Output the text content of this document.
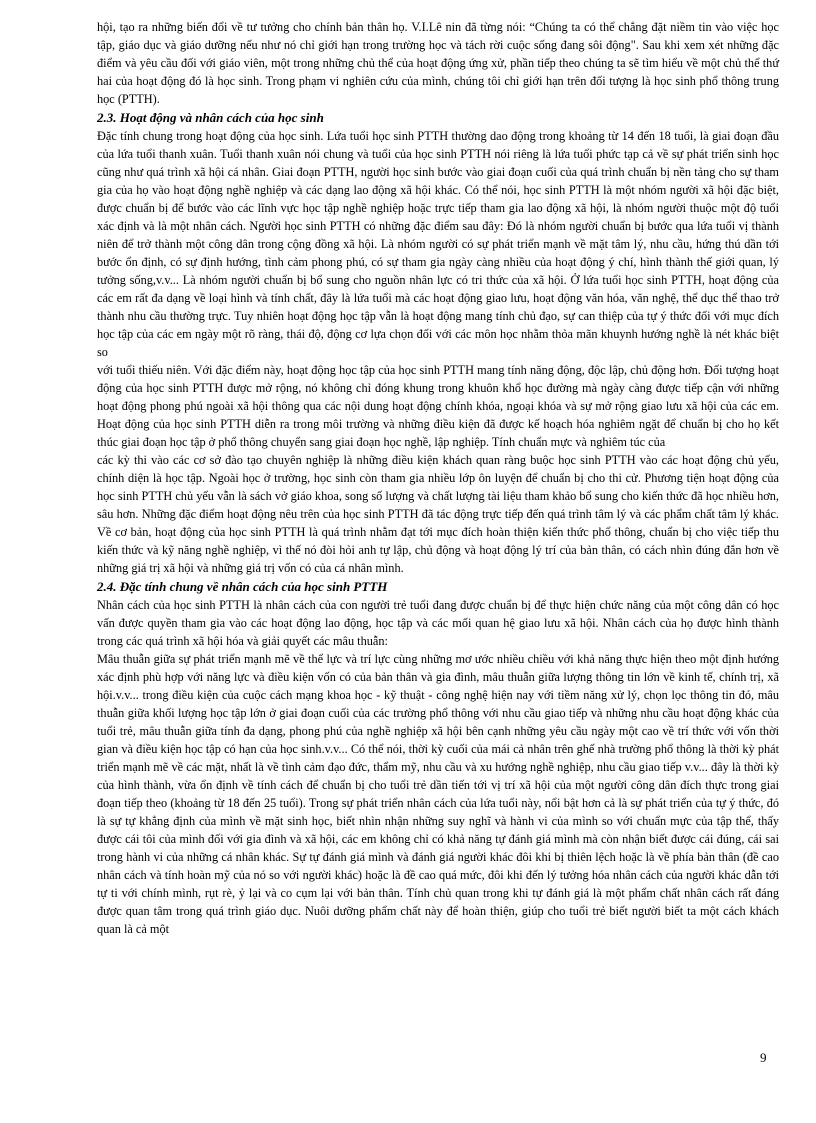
hội, tạo ra những biến đổi về tư tưởng cho chính bản thân họ. V.I.Lê nin đã từng nói: “Chúng ta có thể chẳng đặt niềm tin vào việc học tập, giáo dục và giáo dưỡng nếu như nó chỉ giới hạn trong trường học và tách rời cuộc sống đang sôi động". Sau khi xem xét những đặc điểm và yêu cầu đối với giáo viên, một trong những chủ thể của hoạt động ứng xử, phần tiếp theo chúng ta sẽ tìm hiểu về một chủ thể thứ hai của hoạt động đó là học sinh. Trong phạm vi nghiên cứu của mình, chúng tôi chỉ giới hạn trên đối tượng là học sinh phổ thông trung học (PTTH).

2.3. Hoạt động và nhân cách của học sinh

Đặc tính chung trong hoạt động của học sinh. Lứa tuổi học sinh PTTH thường dao động trong khoảng từ 14 đến 18 tuổi, là giai đoạn đầu của lứa tuổi thanh xuân. Tuổi thanh xuân nói chung và tuổi của học sinh PTTH nói riêng là lứa tuổi phức tạp cả về sự phát triển sinh học cũng như quá trình xã hội cá nhân. Giai đoạn PTTH, người học sinh bước vào giai đoạn cuối của quá trình chuẩn bị nền tảng cho sự tham gia của họ vào hoạt động nghề nghiệp và các dạng lao động xã hội khác. Có thể nói, học sinh PTTH là một nhóm người xã hội đặc biệt, được chuẩn bị để bước vào các lĩnh vực học tập nghề nghiệp hoặc trực tiếp tham gia lao động xã hội, là nhóm người thuộc một độ tuổi xác định và là một nhân cách. Người học sinh PTTH có những đặc điểm sau đây: Đó là nhóm người chuẩn bị bước qua lứa tuổi vị thành niên để trở thành một công dân trong cộng đồng xã hội. Là nhóm người có sự phát triển mạnh về mặt tâm lý, nhu cầu, hứng thú dần tới bước ổn định, có sự định hướng, tình cảm phong phú, có sự tham gia ngày càng nhiều của hoạt động ý chí, hình thành thế giới quan, lý tưởng sống,v.v... Là nhóm người chuẩn bị bổ sung cho nguồn nhân lực có tri thức của xã hội. Ở lứa tuổi học sinh PTTH, hoạt động của các em rất đa dạng về loại hình và tính chất, đây là lứa tuổi mà các hoạt động giao lưu, hoạt động văn hóa, văn nghệ, thể dục thể thao trở thành nhu cầu thường trực. Tuy nhiên hoạt động học tập vẫn là hoạt động mang tính chủ đạo, sự can thiệp của tự ý thức đối với mục đích học tập của các em ngày một rõ ràng, thái độ, động cơ lựa chọn đối với các môn học nhằm thỏa mãn khuynh hướng nghề là nét khác biệt so

với tuổi thiếu niên. Với đặc điểm này, hoạt động học tập của học sinh PTTH mang tính năng động, độc lập, chủ động hơn. Đối tượng hoạt động của học sinh PTTH được mở rộng, nó không chỉ đóng khung trong khuôn khổ học đường mà ngày càng được tiếp cận với những hoạt động phong phú ngoài xã hội thông qua các nội dung hoạt động chính khóa, ngoại khóa và sự mở rộng giao lưu xã hội của các em. Hoạt động của học sinh PTTH diễn ra trong môi trường và những điều kiện đã được kế hoạch hóa nghiêm ngặt để chuẩn bị cho họ kết thúc giai đoạn học tập ở phổ thông chuyển sang giai đoạn học nghề, lập nghiệp. Tính chuẩn mực và nghiêm túc của

các kỳ thi vào các cơ sở đào tạo chuyên nghiệp là những điều kiện khách quan ràng buộc học sinh PTTH vào các hoạt động chủ yếu, chính diện là học tập. Ngoài học ở trường, học sinh còn tham gia nhiều lớp ôn luyện để chuẩn bị cho thi cử. Phương tiện hoạt động của học sinh PTTH chủ yếu vẫn là sách vở giáo khoa, song số lượng và chất lượng tài liệu tham khảo bổ sung cho kiến thức đã học nhiều hơn, sâu hơn. Những đặc điểm hoạt động nêu trên của học sinh PTTH đã tác động trực tiếp đến quá trình tâm lý và các phẩm chất tâm lý khác. Về cơ bản, hoạt động của học sinh PTTH là quá trình nhằm đạt tới mục đích hoàn thiện kiến thức phổ thông, chuẩn bị cho việc tiếp thu kiến thức và kỹ năng nghề nghiệp, vì thế nó đòi hỏi anh tự lập, chủ động và hoạt động lý trí của bản thân, có cách nhìn đúng đắn hơn về những giá trị xã hội và những giá trị vốn có của cá nhân mình.

2.4. Đặc tính chung về nhân cách của học sinh PTTH

Nhân cách của học sinh PTTH là nhân cách của con người trẻ tuổi đang được chuẩn bị để thực hiện chức năng của một công dân có học vấn được quyền tham gia vào các hoạt động lao động, học tập và các mối quan hệ giao lưu xã hội. Nhân cách của họ được hình thành trong các quá trình xã hội hóa và giải quyết các mâu thuẫn:

Mâu thuẫn giữa sự phát triển mạnh mẽ về thể lực và trí lực cùng những mơ ước nhiều chiều với khả năng thực hiện theo một định hướng xác định phù hợp với năng lực và điều kiện vốn có của bản thân và gia đình, mâu thuẫn giữa lượng thông tin lớn về kinh tế, chính trị, xã hội.v.v... trong điều kiện của cuộc cách mạng khoa học - kỹ thuật - công nghệ hiện nay với tiềm năng xử lý, chọn lọc thông tin đó, mâu thuẫn giữa khối lượng học tập lớn ở giai đoạn cuối của các trường phổ thông với nhu cầu giao tiếp và những nhu cầu hoạt động khác của tuổi trẻ, mâu thuẫn giữa tính đa dạng, phong phú của nghề nghiệp xã hội bên cạnh những yêu cầu ngày một cao về trí thức với vốn thời gian và điều kiện học tập có hạn của học sinh.v.v... Có thể nói, thời kỳ cuối của mái cả nhân trên ghế nhà trường phổ thông là thời kỳ phát triển mạnh mẽ về các mặt, nhất là về tình cảm đạo đức, thẩm mỹ, nhu cầu và xu hướng nghề nghiệp, nhu cầu giao tiếp v.v... đây là thời kỳ của hình thành, vừa ổn định về tính cách để chuẩn bị cho tuổi trẻ dần tiến tới vị trí xã hội của một người công dân đích thực trong giai đoạn tiếp theo (khoảng từ 18 đến 25 tuổi). Trong sự phát triển nhân cách của lứa tuổi này, nổi bật hơn cả là sự phát triển của tự ý thức, đó là sự tự khẳng định của mình về mặt sinh học, biết nhìn nhận những suy nghĩ và hành vi của mình so với chuẩn mực của tập thể, thấy được cái tôi của mình đối với gia đình và xã hội, các em không chỉ có khả năng tự đánh giá mình mà còn nhận biết được cái đúng, cái sai trong hành vi của những cá nhân khác. Sự tự đánh giá mình và đánh giá người khác đôi khi bị thiên lệch hoặc là về phía bản thân (đề cao nhân cách và tính hoàn mỹ của nó so với người khác) hoặc là đề cao quá mức, đôi khi đến lý tưởng hóa nhân cách của người khác dẫn tới tự ti với chính mình, rụt rè, ỷ lại và co cụm lại với bản thân. Tính chủ quan trong khi tự đánh giá là một phẩm chất nhân cách rất đáng được quan tâm trong quá trình giáo dục. Nuôi dưỡng phẩm chất này để hoàn thiện, giúp cho tuổi trẻ biết người biết ta một cách khách quan là cả một

9
